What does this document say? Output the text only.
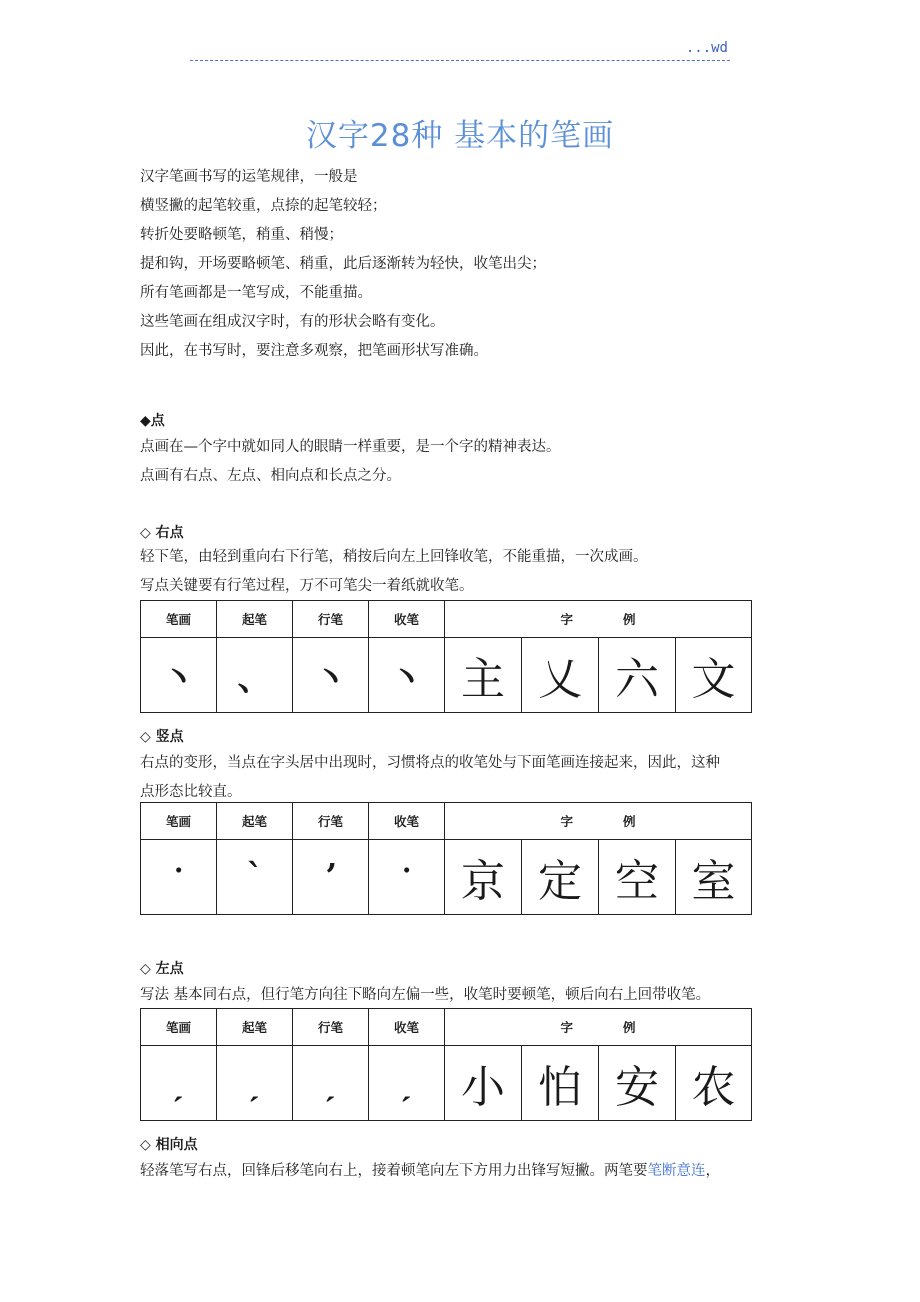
...wd
汉字28种 基本的笔画
汉字笔画书写的运笔规律，一般是
横竖撇的起笔较重，点捺的起笔较轻；
转折处要略顿笔，稍重、稍慢；
提和钩，开场要略顿笔、稍重，此后逐渐转为轻快，收笔出尖；
所有笔画都是一笔写成，不能重描。
这些笔画在组成汉字时，有的形状会略有变化。
因此，在书写时，要注意多观察，把笔画形状写准确。
◆点
点画在—个字中就如同人的眼睛一样重要，是一个字的精神表达。
点画有右点、左点、相向点和长点之分。
◇ 右点
轻下笔，由轻到重向右下行笔，稍按后向左上回锋收笔，不能重描，一次成画。
写点关键要有行笔过程，万不可笔尖一着纸就收笔。
笔画	起笔	行笔	收笔	字　　　　例			
丶	、	丶	丶	主	乂	六	文
◇ 竖点
右点的变形，当点在字头居中出现时，习惯将点的收笔处与下面笔画连接起来，因此，这种
点形态比较直。
笔画	起笔	行笔	收笔	字　　　　例			
ॱ	ˋ	ʼ	ॱ	京	定	空	室
◇ 左点
写法 基本同右点，但行笔方向往下略向左偏一些，收笔时要顿笔，顿后向右上回带收笔。
笔画	起笔	行笔	收笔	字　　　　例			
ˏ	ˏ	ˏ	ˏ	小	怕	安	农
◇ 相向点
轻落笔写右点，回锋后移笔向右上，接着顿笔向左下方用力出锋写短撇。两笔要笔断意连，
